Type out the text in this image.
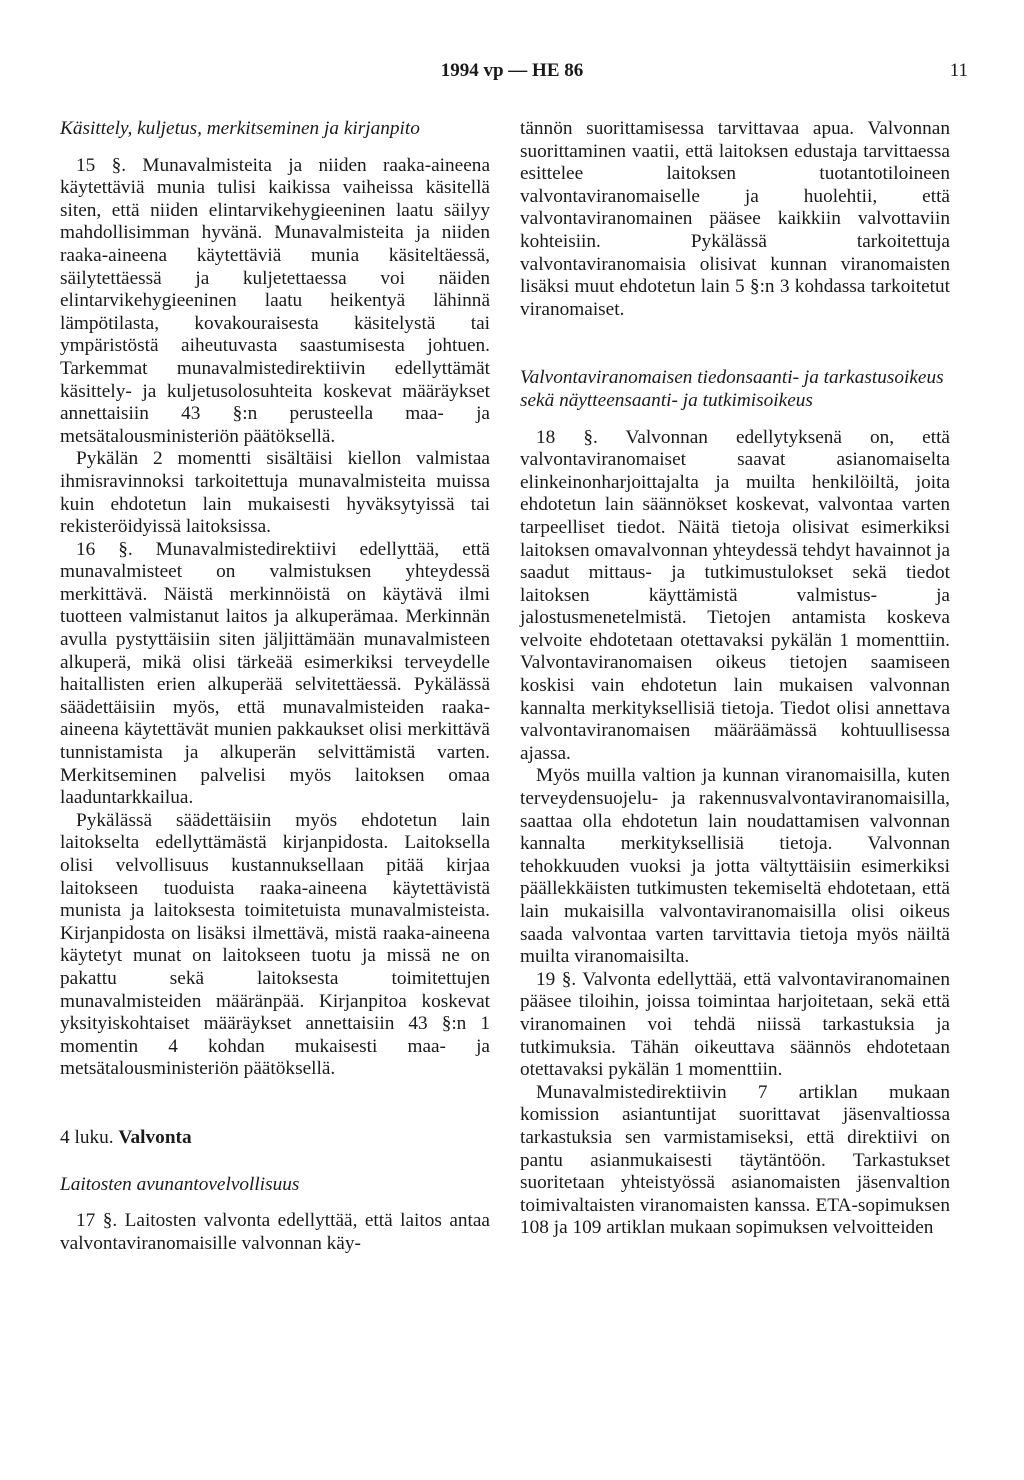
1994 vp — HE 86	11
Käsittely, kuljetus, merkitseminen ja kirjanpito

15 §. Munavalmisteita ja niiden raaka-aineena käytettäviä munia tulisi kaikissa vaiheissa käsitellä siten, että niiden elintarvikehygieeninen laatu säilyy mahdollisimman hyvänä. Munavalmisteita ja niiden raaka-aineena käytettäviä munia käsiteltäessä, säilytettäessä ja kuljetettaessa voi näiden elintarvikehygieeninen laatu heikentyä lähinnä lämpötilasta, kovakouraisesta käsitelystä tai ympäristöstä aiheutuvasta saastumisesta johtuen. Tarkemmat munavalmistedirektiivin edellyttämät käsittely- ja kuljetusolosuhteita koskevat määräykset annettaisiin 43 §:n perusteella maa- ja metsätalousministeriön päätöksellä.

Pykälän 2 momentti sisältäisi kiellon valmistaa ihmisravinnoksi tarkoitettuja munavalmisteita muissa kuin ehdotetun lain mukaisesti hyväksytyissä tai rekisteröidyissä laitoksissa.

16 §. Munavalmistedirektiivi edellyttää, että munavalmisteet on valmistuksen yhteydessä merkittävä. Näistä merkinnöistä on käytävä ilmi tuotteen valmistanut laitos ja alkuperämaa. Merkinnän avulla pystyttäisiin siten jäljittämään munavalmisteen alkuperä, mikä olisi tärkeää esimerkiksi terveydelle haitallisten erien alkuperää selvitettäessä. Pykälässä säädettäisiin myös, että munavalmisteiden raaka-aineena käytettävät munien pakkaukset olisi merkittävä tunnistamista ja alkuperän selvittämistä varten. Merkitseminen palvelisi myös laitoksen omaa laaduntarkkailua.

Pykälässä säädettäisiin myös ehdotetun lain laitokselta edellyttämästä kirjanpidosta. Laitoksella olisi velvollisuus kustannuksellaan pitää kirjaa laitokseen tuoduista raaka-aineena käytettävistä munista ja laitoksesta toimitetuista munavalmisteista. Kirjanpidosta on lisäksi ilmettävä, mistä raaka-aineena käytetyt munat on laitokseen tuotu ja missä ne on pakattu sekä laitoksesta toimitettujen munavalmisteiden määränpää. Kirjanpitoa koskevat yksityiskohtaiset määräykset annettaisiin 43 §:n 1 momentin 4 kohdan mukaisesti maa- ja metsätalousministeriön päätöksellä.

4 luku. Valvonta
Laitosten avunantovelvollisuus

17 §. Laitosten valvonta edellyttää, että laitos antaa valvontaviranomaisille valvonnan käy-

tännön suorittamisessa tarvittavaa apua. Valvonnan suorittaminen vaatii, että laitoksen edustaja tarvittaessa esittelee laitoksen tuotantotiloineen valvontaviranomaiselle ja huolehtii, että valvontaviranomainen pääsee kaikkiin valvottaviin kohteisiin. Pykälässä tarkoitettuja valvontaviranomaisia olisivat kunnan viranomaisten lisäksi muut ehdotetun lain 5 §:n 3 kohdassa tarkoitetut viranomaiset.

Valvontaviranomaisen tiedonsaanti- ja tarkastusoikeus sekä näytteensaanti- ja tutkimisoikeus

18 §. Valvonnan edellytyksenä on, että valvontaviranomaiset saavat asianomaiselta elinkeinonharjoittajalta ja muilta henkilöiltä, joita ehdotetun lain säännökset koskevat, valvontaa varten tarpeelliset tiedot. Näitä tietoja olisivat esimerkiksi laitoksen omavalvonnan yhteydessä tehdyt havainnot ja saadut mittaus- ja tutkimustulokset sekä tiedot laitoksen käyttämistä valmistus- ja jalostusmenetelmistä. Tietojen antamista koskeva velvoite ehdotetaan otettavaksi pykälän 1 momenttiin. Valvontaviranomaisen oikeus tietojen saamiseen koskisi vain ehdotetun lain mukaisen valvonnan kannalta merkityksellisiä tietoja. Tiedot olisi annettava valvontaviranomaisen määräämässä kohtuullisessa ajassa.

Myös muilla valtion ja kunnan viranomaisilla, kuten terveydensuojelu- ja rakennusvalvontaviranomaisilla, saattaa olla ehdotetun lain noudattamisen valvonnan kannalta merkityksellisiä tietoja. Valvonnan tehokkuuden vuoksi ja jotta vältyttäisiin esimerkiksi päällekkäisten tutkimusten tekemiseltä ehdotetaan, että lain mukaisilla valvontaviranomaisilla olisi oikeus saada valvontaa varten tarvittavia tietoja myös näiltä muilta viranomaisilta.

19 §. Valvonta edellyttää, että valvontaviranomainen pääsee tiloihin, joissa toimintaa harjoitetaan, sekä että viranomainen voi tehdä niissä tarkastuksia ja tutkimuksia. Tähän oikeuttava säännös ehdotetaan otettavaksi pykälän 1 momenttiin.

Munavalmistedirektiivin 7 artiklan mukaan komission asiantuntijat suorittavat jäsenvaltiossa tarkastuksia sen varmistamiseksi, että direktiivi on pantu asianmukaisesti täytäntöön. Tarkastukset suoritetaan yhteistyössä asianomaisten jäsenvaltion toimivaltaisten viranomaisten kanssa. ETA-sopimuksen 108 ja 109 artiklan mukaan sopimuksen velvoitteiden
